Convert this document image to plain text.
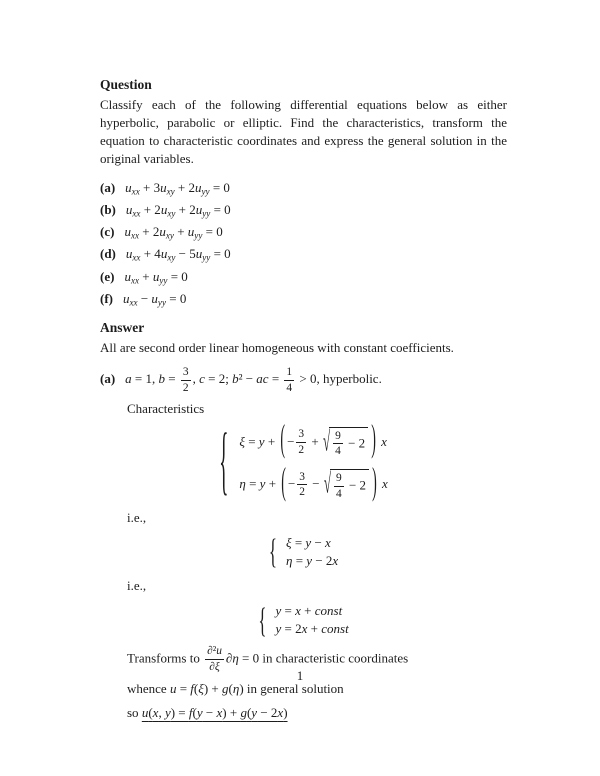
Question

Classify each of the following differential equations below as either hyperbolic, parabolic or elliptic. Find the characteristics, transform the equation to characteristic coordinates and express the general solution in the original variables.

(a) $u_{xx} + 3u_{xy} + 2u_{yy} = 0$
(b) $u_{xx} + 2u_{xy} + 2u_{yy} = 0$
(c) $u_{xx} + 2u_{xy} + u_{yy} = 0$
(d) $u_{xx} + 4u_{xy} - 5u_{yy} = 0$
(e) $u_{xx} + u_{yy} = 0$
(f) $u_{xx} - u_{yy} = 0$
Answer

All are second order linear homogeneous with constant coefficients.

(a) a = 1, $b = \frac{3}{2}$ , c = 2; b² − ac = $\frac{1}{4} > 0$, hyperbolic.

Characteristics

{ ξ = y + ( − $\frac{3}{2}$ + √ $\frac{9}{4} - 2$ ) x
η = y + ( − $\frac{3}{2}$ − √ $\frac{9}{4} - 2$ ) x

i.e.,

{ ξ = y − x
η = y − 2x

i.e.,

{ y = x + const
y = 2x + const

Transforms to $\frac{\text{∂²u}}{\partial\xi} \partial\eta = 0$ in characteristic coordinates

whence u = f(ξ) + g(η) in general solution

so u(x, y) = f(y − x) + g(y − 2x)

1
